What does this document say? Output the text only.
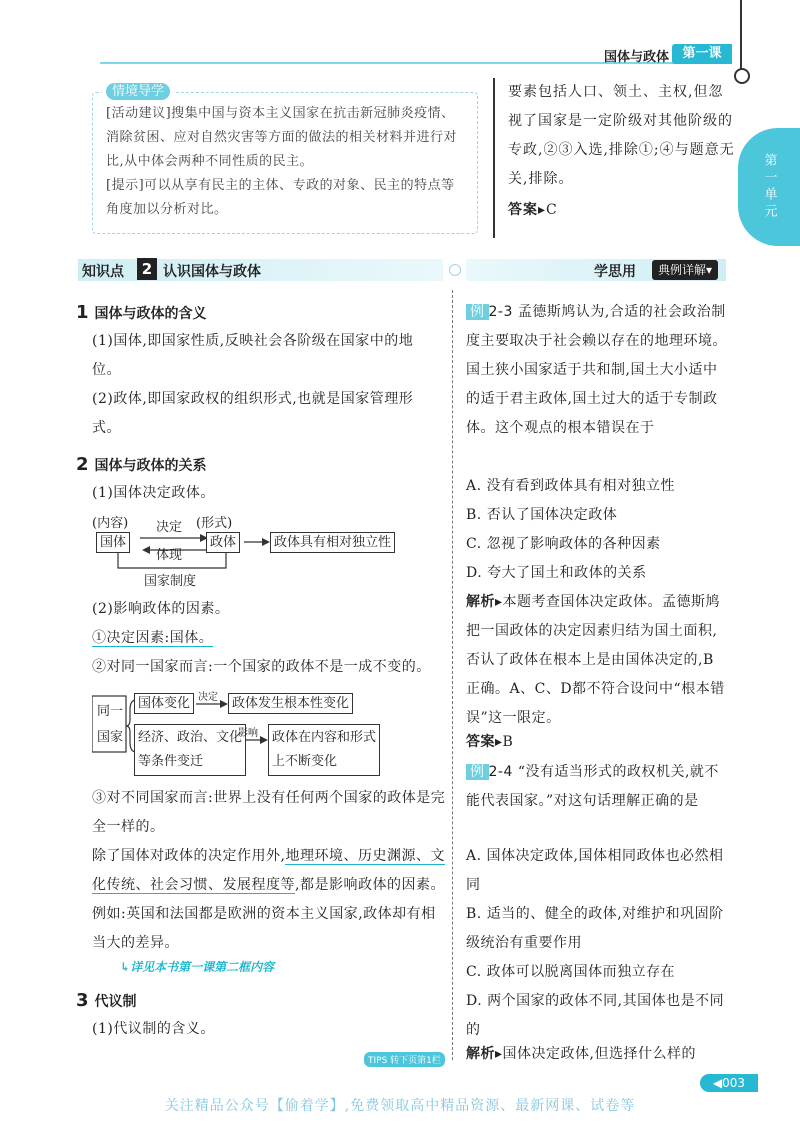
国体与政体	第一课
第一单元
情境导学
[活动建议]搜集中国与资本主义国家在抗击新冠肺炎疫情、消除贫困、应对自然灾害等方面的做法的相关材料并进行对比,从中体会两种不同性质的民主。
[提示]可以从享有民主的主体、专政的对象、民主的特点等角度加以分析对比。
要素包括人口、领土、主权,但忽视了国家是一定阶级对其他阶级的专政,②③入选,排除①;④与题意无关,排除。
答案▸C
知识点	2 认识国体与政体	学思用	典例详解▾
1 国体与政体的含义
(1)国体,即国家性质,反映社会各阶级在国家中的地位。
(2)政体,即国家政权的组织形式,也就是国家管理形式。
2 国体与政体的关系
(1)国体决定政体。
(内容) 决定 (形式)
国体	政体
体现
政体具有相对独立性
国家制度
(2)影响政体的因素。
①决定因素:国体。
②对同一国家而言:一个国家的政体不是一成不变的。
同一
国家
国体变化 决定	政体发生根本性变化
经济、政治、文化
等条件变迁
影响 政体在内容和形式
上不断变化
③对不同国家而言:世界上没有任何两个国家的政体是完全一样的。
除了国体对政体的决定作用外,地理环境、历史渊源、文化传统、社会习惯、发展程度等,都是影响政体的因素。例如:英国和法国都是欧洲的资本主义国家,政体却有相当大的差异。
↳详见本书第一课第二框内容
3 代议制
(1)代议制的含义。
例 2-3 孟德斯鸠认为,合适的社会政治制度主要取决于社会赖以存在的地理环境。国土狭小国家适于共和制,国土大小适中的适于君主政体,国土过大的适于专制政体。这个观点的根本错误在于
A. 没有看到政体具有相对独立性
B. 否认了国体决定政体
C. 忽视了影响政体的各种因素
D. 夸大了国土和政体的关系
解析▸本题考查国体决定政体。孟德斯鸠把一国政体的决定因素归结为国土面积,否认了政体在根本上是由国体决定的,B正确。A、C、D都不符合设问中“根本错误”这一限定。
答案▸B
例 2-4 “没有适当形式的政权机关,就不能代表国家。”对这句话理解正确的是
A. 国体决定政体,国体相同政体也必然相同
B. 适当的、健全的政体,对维护和巩固阶级统治有重要作用
C. 政体可以脱离国体而独立存在
D. 两个国家的政体不同,其国体也是不同的
解析▸国体决定政体,但选择什么样的
TIPS 转下页第1栏
◀003
关注精品公众号【偷着学】,免费领取高中精品资源、最新网课、试卷等
